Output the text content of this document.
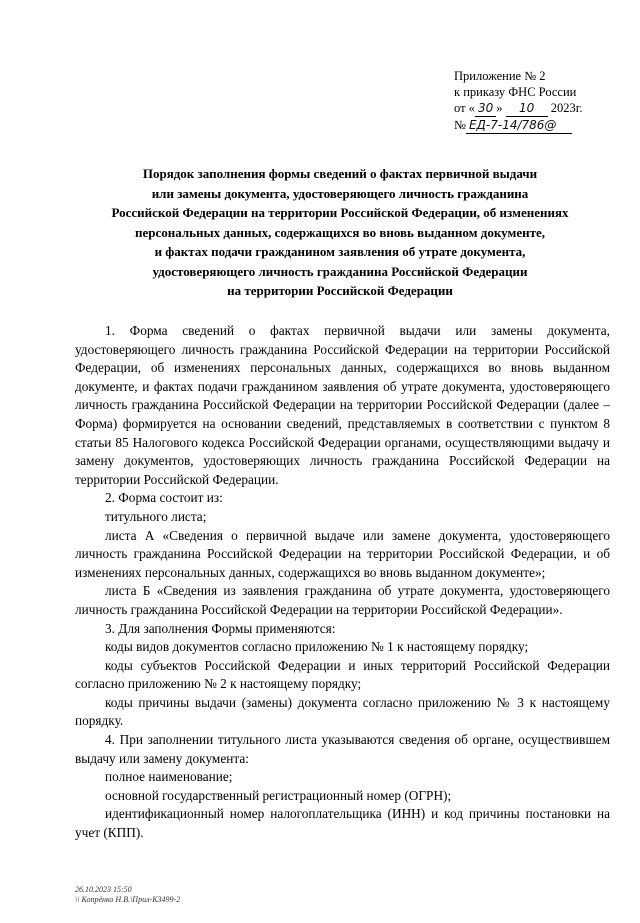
Приложение № 2
к приказу ФНС России
от « 30 » 10 2023г.
№ ЕД-7-14/786@
Порядок заполнения формы сведений о фактах первичной выдачи
или замены документа, удостоверяющего личность гражданина
Российской Федерации на территории Российской Федерации, об изменениях
персональных данных, содержащихся во вновь выданном документе,
и фактах подачи гражданином заявления об утрате документа,
удостоверяющего личность гражданина Российской Федерации
на территории Российской Федерации

1. Форма сведений о фактах первичной выдачи или замены документа, удостоверяющего личность гражданина Российской Федерации на территории Российской Федерации, об изменениях персональных данных, содержащихся во вновь выданном документе, и фактах подачи гражданином заявления об утрате документа, удостоверяющего личность гражданина Российской Федерации на территории Российской Федерации (далее – Форма) формируется на основании сведений, представляемых в соответствии с пунктом 8 статьи 85 Налогового кодекса Российской Федерации органами, осуществляющими выдачу и замену документов, удостоверяющих личность гражданина Российской Федерации на территории Российской Федерации.

2. Форма состоит из:

титульного листа;

листа А «Сведения о первичной выдаче или замене документа, удостоверяющего личность гражданина Российской Федерации на территории Российской Федерации, и об изменениях персональных данных, содержащихся во вновь выданном документе»;

листа Б «Сведения из заявления гражданина об утрате документа, удостоверяющего личность гражданина Российской Федерации на территории Российской Федерации».

3. Для заполнения Формы применяются:

коды видов документов согласно приложению № 1 к настоящему порядку;

коды субъектов Российской Федерации и иных территорий Российской Федерации согласно приложению № 2 к настоящему порядку;

коды причины выдачи (замены) документа согласно приложению № 3 к настоящему порядку.

4. При заполнении титульного листа указываются сведения об органе, осуществившем выдачу или замену документа:

полное наименование;

основной государственный регистрационный номер (ОГРН);

идентификационный номер налогоплательщика (ИНН) и код причины постановки на учет (КПП).

26.10.2023 15:50
\\ Копрёнко Н.В.\Прил-К3499-2
